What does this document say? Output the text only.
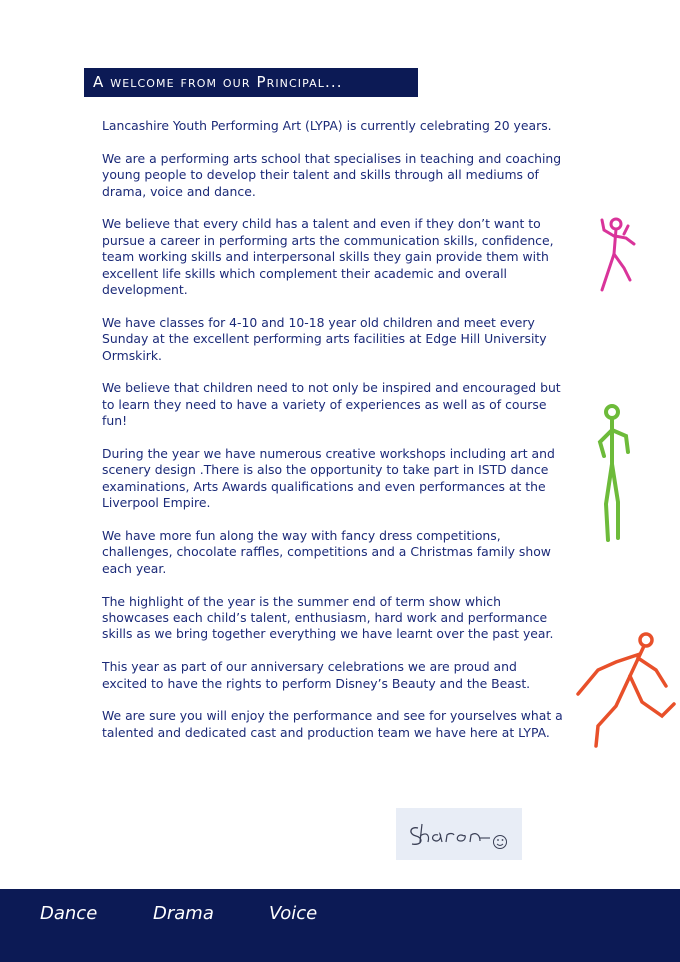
A welcome from our Principal...

Lancashire Youth Performing Art (LYPA) is currently celebrating 20 years.

We are a performing arts school that specialises in teaching and coaching young people to develop their talent and skills through all mediums of drama, voice and dance.

We believe that every child has a talent and even if they don’t want to pursue a career in performing arts the communication skills, confidence, team working skills and interpersonal skills they gain provide them with excellent life skills which complement their academic and overall development.

We have classes for 4-10 and 10-18 year old children and meet every Sunday at the excellent performing arts facilities at Edge Hill University Ormskirk.

We believe that children need to not only be inspired and encouraged but to learn they need to have a variety of experiences as well as of course fun!

During the year we have numerous creative workshops including art and scenery design .There is also the opportunity to take part in ISTD dance examinations, Arts Awards qualifications and even performances at the Liverpool Empire.

We have more fun along the way with fancy dress competitions, challenges, chocolate raffles, competitions and a Christmas family show each year.

The highlight of the year is the summer end of term show which showcases each child’s talent, enthusiasm, hard work and performance skills as we bring together everything we have learnt over the past year.

This year as part of our anniversary celebrations we are proud and excited to have the rights to perform Disney’s Beauty and the Beast.

We are sure you will enjoy the performance and see for yourselves what a talented and dedicated cast and production team we have here at LYPA.

Dance	Drama	Voice
